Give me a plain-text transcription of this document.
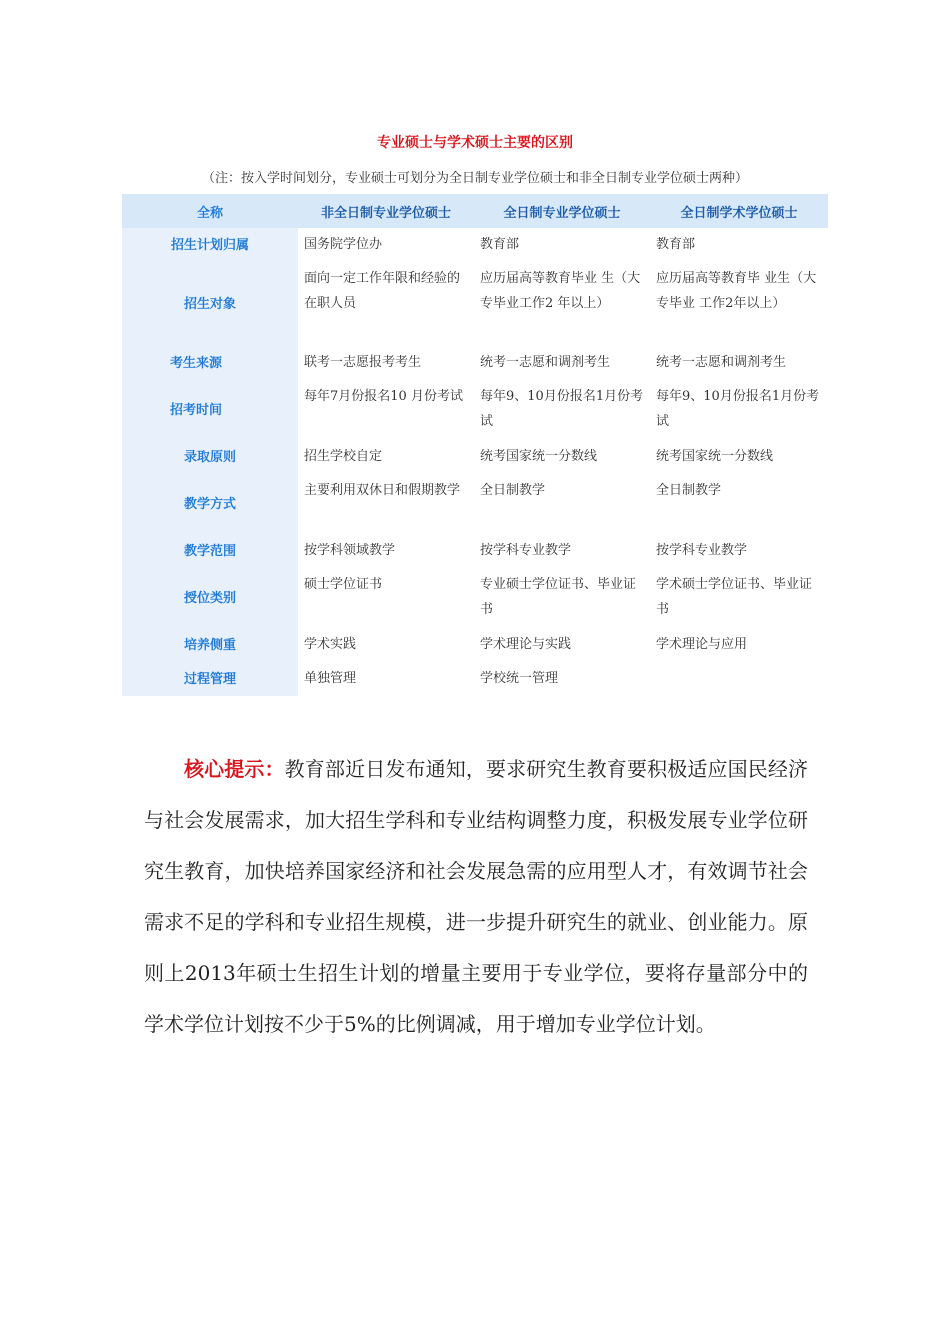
专业硕士与学术硕士主要的区别
（注：按入学时间划分，专业硕士可划分为全日制专业学位硕士和非全日制专业学位硕士两种）
全称	非全日制专业学位硕士	全日制专业学位硕士	全日制学术学位硕士
招生计划归属	国务院学位办	教育部	教育部
招生对象	面向一定工作年限和经验的在职人员	应历届高等教育毕业 生（大专毕业工作2 年以上）	应历届高等教育毕 业生（大专毕业 工作2年以上）
考生来源	联考一志愿报考考生	统考一志愿和调剂考生	统考一志愿和调剂考生
招考时间	每年7月份报名10 月份考试	每年9、10月份报名1月份考试	每年9、10月份报名1月份考试
录取原则	招生学校自定	统考国家统一分数线	统考国家统一分数线
教学方式	主要利用双休日和假期教学	全日制教学	全日制教学
教学范围	按学科领域教学	按学科专业教学	按学科专业教学
授位类别	硕士学位证书	专业硕士学位证书、毕业证书	学术硕士学位证书、毕业证书
培养侧重	学术实践	学术理论与实践	学术理论与应用
过程管理	单独管理	学校统一管理	

核心提示：教育部近日发布通知，要求研究生教育要积极适应国民经济与社会发展需求，加大招生学科和专业结构调整力度，积极发展专业学位研究生教育，加快培养国家经济和社会发展急需的应用型人才，有效调节社会需求不足的学科和专业招生规模，进一步提升研究生的就业、创业能力。原则上2013年硕士生招生计划的增量主要用于专业学位，要将存量部分中的学术学位计划按不少于5%的比例调减，用于增加专业学位计划。
